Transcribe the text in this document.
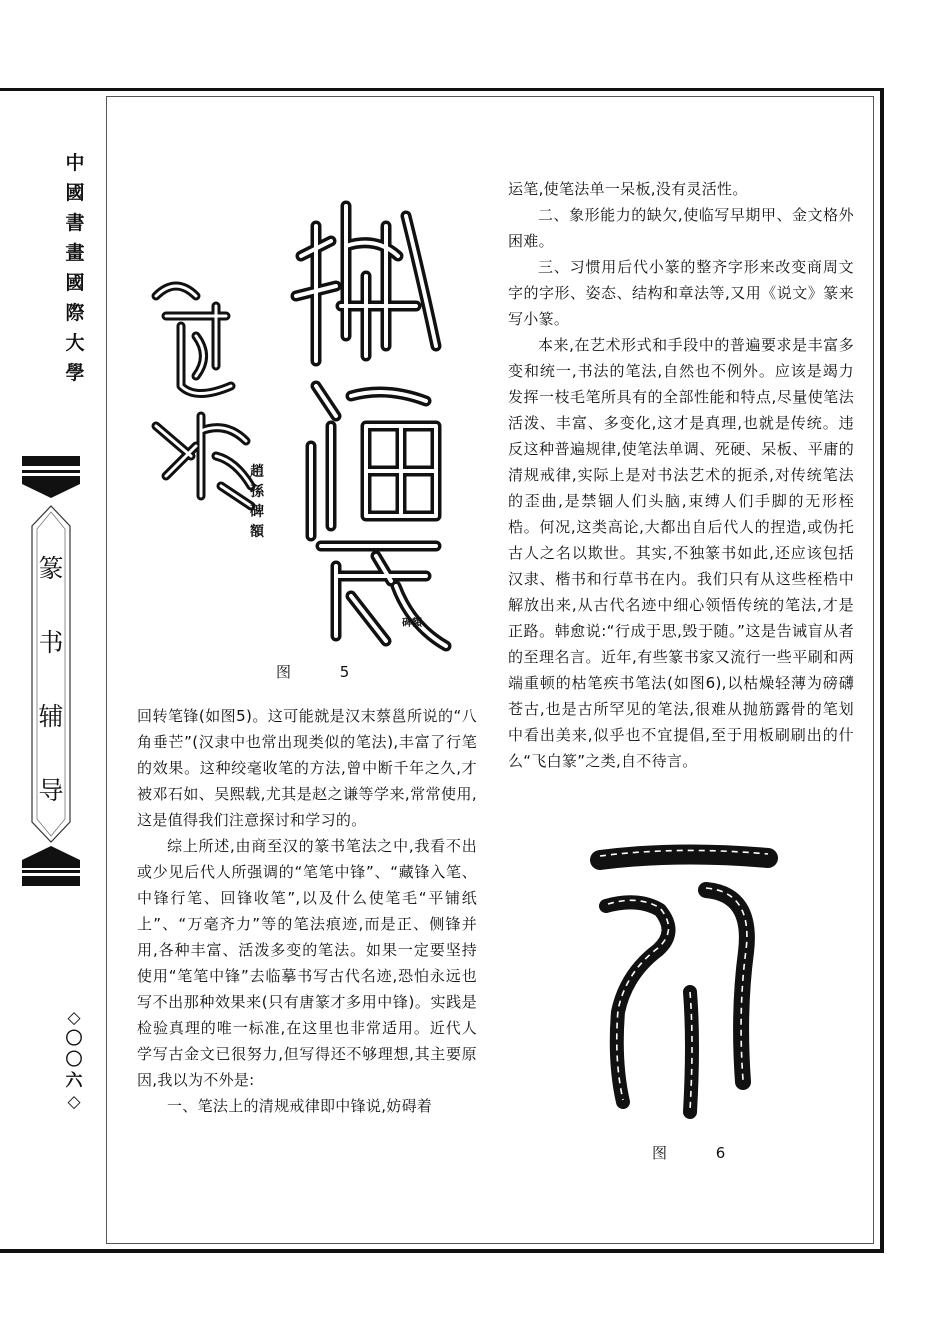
中
國
書
畫
國
際
大
學
篆
书
辅
导
◇
〇
〇
六
◇
趙孫碑額
碑額
图 5
图 6

回转笔锋(如图5)。这可能就是汉末蔡邕所说的“八角垂芒”(汉隶中也常出现类似的笔法),丰富了行笔的效果。这种绞毫收笔的方法,曾中断千年之久,才被邓石如、吴熙载,尤其是赵之谦等学来,常常使用,这是值得我们注意探讨和学习的。

综上所述,由商至汉的篆书笔法之中,我看不出或少见后代人所强调的“笔笔中锋”、“藏锋入笔、中锋行笔、回锋收笔”,以及什么使笔毛“平铺纸上”、“万毫齐力”等的笔法痕迹,而是正、侧锋并用,各种丰富、活泼多变的笔法。如果一定要坚持使用“笔笔中锋”去临摹书写古代名迹,恐怕永远也写不出那种效果来(只有唐篆才多用中锋)。实践是检验真理的唯一标准,在这里也非常适用。近代人学写古金文已很努力,但写得还不够理想,其主要原因,我以为不外是:

一、笔法上的清规戒律即中锋说,妨碍着

运笔,使笔法单一呆板,没有灵活性。

二、象形能力的缺欠,使临写早期甲、金文格外困难。

三、习惯用后代小篆的整齐字形来改变商周文字的字形、姿态、结构和章法等,又用《说文》篆来写小篆。

本来,在艺术形式和手段中的普遍要求是丰富多变和统一,书法的笔法,自然也不例外。应该是竭力发挥一枝毛笔所具有的全部性能和特点,尽量使笔法活泼、丰富、多变化,这才是真理,也就是传统。违反这种普遍规律,使笔法单调、死硬、呆板、平庸的清规戒律,实际上是对书法艺术的扼杀,对传统笔法的歪曲,是禁锢人们头脑,束缚人们手脚的无形桎梏。何况,这类高论,大都出自后代人的捏造,或伪托古人之名以欺世。其实,不独篆书如此,还应该包括汉隶、楷书和行草书在内。我们只有从这些桎梏中解放出来,从古代名迹中细心领悟传统的笔法,才是正路。韩愈说:“行成于思,毁于随。”这是告诫盲从者的至理名言。近年,有些篆书家又流行一些平刷和两端重顿的枯笔疾书笔法(如图6),以枯燥轻薄为磅礴苍古,也是古所罕见的笔法,很难从抛筋露骨的笔划中看出美来,似乎也不宜提倡,至于用板刷刷出的什么“飞白篆”之类,自不待言。
